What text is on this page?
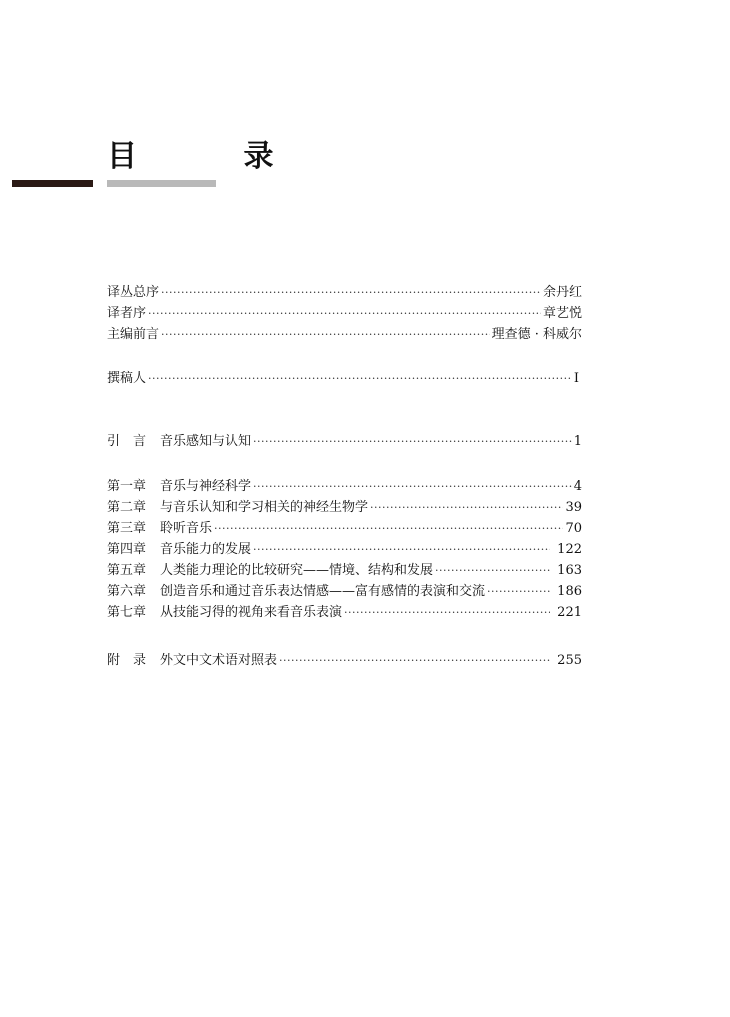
目 录
译丛总序 ·····	余丹红
译者序 ·····	章艺悦
主编前言 ·····	理查德 · 科威尔
撰稿人 ·····	I
引　言	音乐感知与认知 ·····	1
第一章	音乐与神经科学 ·····	4
第二章	与音乐认知和学习相关的神经生物学 ·····	39
第三章	聆听音乐 ·····	70
第四章	音乐能力的发展 ·····	122
第五章	人类能力理论的比较研究——情境、结构和发展 ·····	163
第六章	创造音乐和通过音乐表达情感——富有感情的表演和交流 ·····	186
第七章	从技能习得的视角来看音乐表演 ·····	221
附　录	外文中文术语对照表 ·····	255
